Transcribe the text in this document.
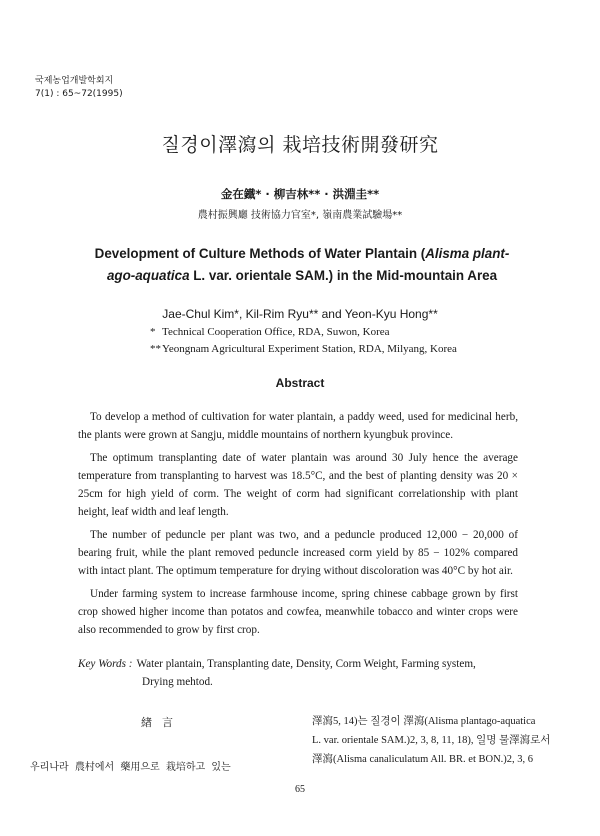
국제농업개발학회지
7(1) : 65~72(1995)
질경이澤瀉의 栽培技術開發研究
金在鐵* · 柳吉林** · 洪淵圭**
農村振興廳 技術協力官室*, 嶺南農業試驗場**
Development of Culture Methods of Water Plantain (Alisma plant-
ago-aquatica L. var. orientale SAM.) in the Mid-mountain Area
Jae-Chul Kim*, Kil-Rim Ryu** and Yeon-Kyu Hong**
* Technical Cooperation Office, RDA, Suwon, Korea
**Yeongnam Agricultural Experiment Station, RDA, Milyang, Korea
Abstract

To develop a method of cultivation for water plantain, a paddy weed, used for medicinal herb, the plants were grown at Sangju, middle mountains of northern kyungbuk province.

The optimum transplanting date of water plantain was around 30 July hence the average temperature from transplanting to harvest was 18.5°C, and the best of planting density was 20 × 25cm for high yield of corm. The weight of corm had significant correlationship with plant height, leaf width and leaf length.

The number of peduncle per plant was two, and a peduncle produced 12,000 − 20,000 of bearing fruit, while the plant removed peduncle increased corm yield by 85 − 102% compared with intact plant. The optimum temperature for drying without discoloration was 40°C by hot air.

Under farming system to increase farmhouse income, spring chinese cabbage grown by first crop showed higher income than potatos and cowfea, meanwhile tobacco and winter crops were also recommended to grow by first crop.

Key Words : Water plantain, Transplanting date, Density, Corm Weight, Farming system,
Drying mehtod.
緖言
우리나라 農村에서 藥用으로 栽培하고 있는
澤瀉5, 14)는 질경이 澤瀉(Alisma plantago-aquatica
L. var. orientale SAM.)2, 3, 8, 11, 18), 일명 물澤瀉로서
澤瀉(Alisma canaliculatum All. BR. et BON.)2, 3, 6
65
